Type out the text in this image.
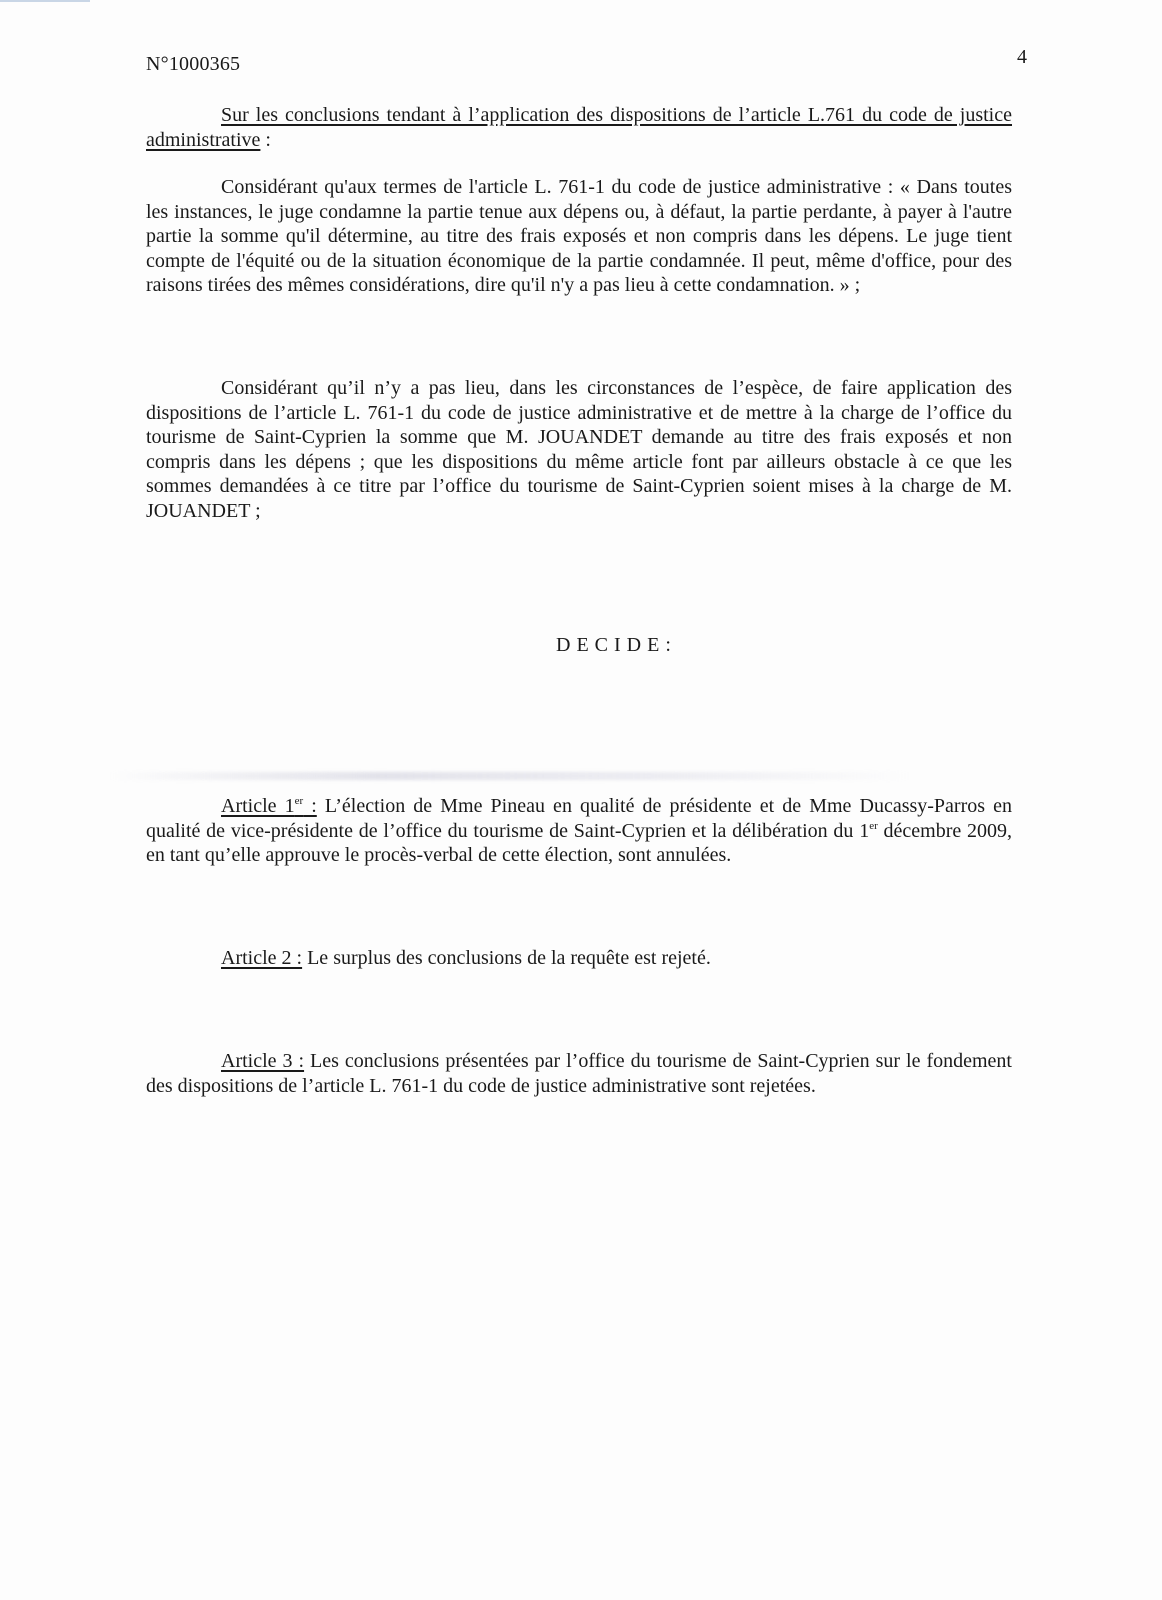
N°1000365	4
Sur les conclusions tendant à l’application des dispositions de l’article L.761 du code de justice administrative :
Considérant qu'aux termes de l'article L. 761-1 du code de justice administrative : « Dans toutes les instances, le juge condamne la partie tenue aux dépens ou, à défaut, la partie perdante, à payer à l'autre partie la somme qu'il détermine, au titre des frais exposés et non compris dans les dépens. Le juge tient compte de l'équité ou de la situation économique de la partie condamnée. Il peut, même d'office, pour des raisons tirées des mêmes considérations, dire qu'il n'y a pas lieu à cette condamnation. » ;
Considérant qu’il n’y a pas lieu, dans les circonstances de l’espèce, de faire application des dispositions de l’article L. 761-1 du code de justice administrative et de mettre à la charge de l’office du tourisme de Saint-Cyprien la somme que M. JOUANDET demande au titre des frais exposés et non compris dans les dépens ; que les dispositions du même article font par ailleurs obstacle à ce que les sommes demandées à ce titre par l’office du tourisme de Saint-Cyprien soient mises à la charge de M. JOUANDET ;
DECIDE:
Article 1er : L’élection de Mme Pineau en qualité de présidente et de Mme Ducassy-Parros en qualité de vice-présidente de l’office du tourisme de Saint-Cyprien et la délibération du 1er décembre 2009, en tant qu’elle approuve le procès-verbal de cette élection, sont annulées.
Article 2 : Le surplus des conclusions de la requête est rejeté.
Article 3 : Les conclusions présentées par l’office du tourisme de Saint-Cyprien sur le fondement des dispositions de l’article L. 761-1 du code de justice administrative sont rejetées.
